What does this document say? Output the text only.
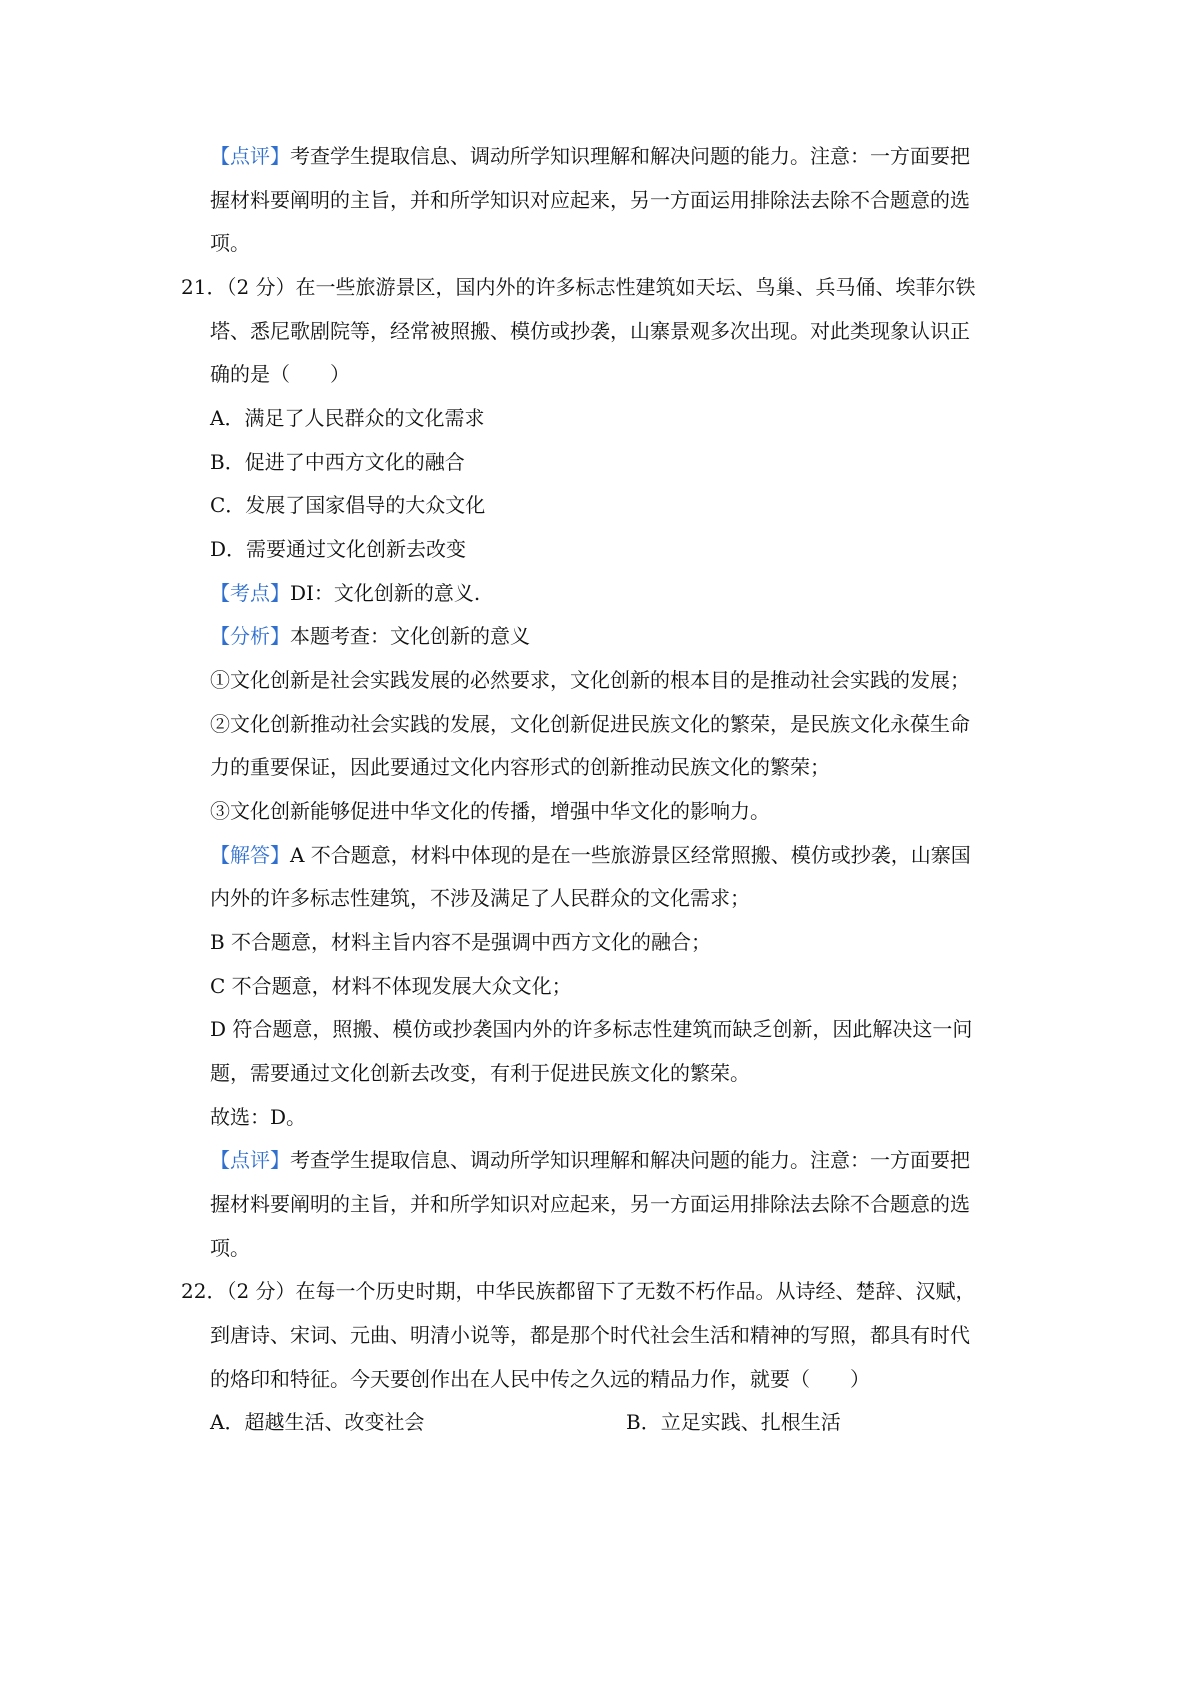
【点评】考查学生提取信息、调动所学知识理解和解决问题的能力。注意：一方面要把
握材料要阐明的主旨，并和所学知识对应起来，另一方面运用排除法去除不合题意的选
项。
21．（2 分）在一些旅游景区，国内外的许多标志性建筑如天坛、鸟巢、兵马俑、埃菲尔铁
塔、悉尼歌剧院等，经常被照搬、模仿或抄袭，山寨景观多次出现。对此类现象认识正
确的是（　　）
A．满足了人民群众的文化需求
B．促进了中西方文化的融合
C．发展了国家倡导的大众文化
D．需要通过文化创新去改变
【考点】DI：文化创新的意义.
【分析】本题考查：文化创新的意义
①文化创新是社会实践发展的必然要求，文化创新的根本目的是推动社会实践的发展；
②文化创新推动社会实践的发展，文化创新促进民族文化的繁荣，是民族文化永葆生命
力的重要保证，因此要通过文化内容形式的创新推动民族文化的繁荣；
③文化创新能够促进中华文化的传播，增强中华文化的影响力。
【解答】A 不合题意，材料中体现的是在一些旅游景区经常照搬、模仿或抄袭，山寨国
内外的许多标志性建筑，不涉及满足了人民群众的文化需求；
B 不合题意，材料主旨内容不是强调中西方文化的融合；
C 不合题意，材料不体现发展大众文化；
D 符合题意，照搬、模仿或抄袭国内外的许多标志性建筑而缺乏创新，因此解决这一问
题，需要通过文化创新去改变，有利于促进民族文化的繁荣。
故选：D。
【点评】考查学生提取信息、调动所学知识理解和解决问题的能力。注意：一方面要把
握材料要阐明的主旨，并和所学知识对应起来，另一方面运用排除法去除不合题意的选
项。
22．（2 分）在每一个历史时期，中华民族都留下了无数不朽作品。从诗经、楚辞、汉赋，
到唐诗、宋词、元曲、明清小说等，都是那个时代社会生活和精神的写照，都具有时代
的烙印和特征。今天要创作出在人民中传之久远的精品力作，就要（　　）
A．超越生活、改变社会	B．立足实践、扎根生活
